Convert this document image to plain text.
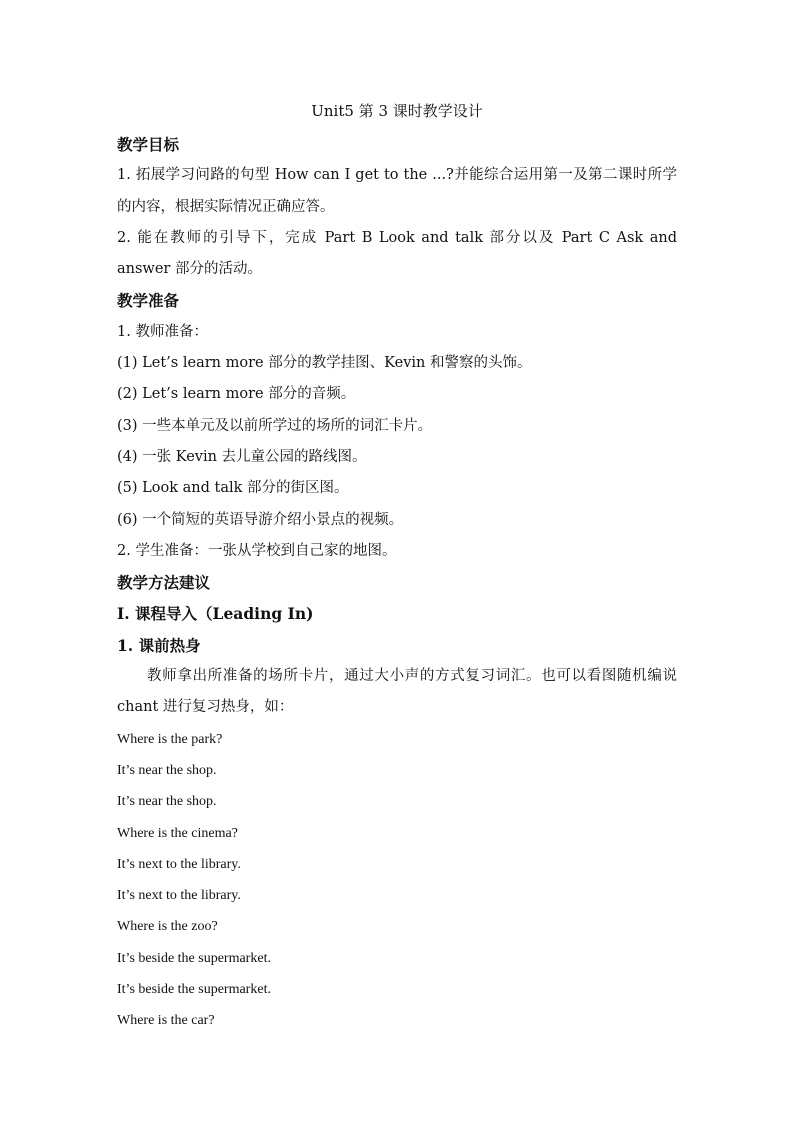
Unit5 第 3 课时教学设计
教学目标
1. 拓展学习问路的句型 How can I get to the ...?并能综合运用第一及第二课时所学的内容，根据实际情况正确应答。
2. 能在教师的引导下，完成 Part B Look and talk 部分以及 Part C Ask and answer 部分的活动。
教学准备
1. 教师准备：
(1) Let’s learn more 部分的教学挂图、Kevin 和警察的头饰。
(2) Let’s learn more 部分的音频。
(3) 一些本单元及以前所学过的场所的词汇卡片。
(4) 一张 Kevin 去儿童公园的路线图。
(5) Look and talk 部分的街区图。
(6) 一个简短的英语导游介绍小景点的视频。
2. 学生准备：一张从学校到自己家的地图。
教学方法建议
I. 课程导入（Leading In)
1. 课前热身
教师拿出所准备的场所卡片，通过大小声的方式复习词汇。也可以看图随机编说 chant 进行复习热身，如：
Where is the park?
It’s near the shop.
It’s near the shop.
Where is the cinema?
It’s next to the library.
It’s next to the library.
Where is the zoo?
It’s beside the supermarket.
It’s beside the supermarket.
Where is the car?
